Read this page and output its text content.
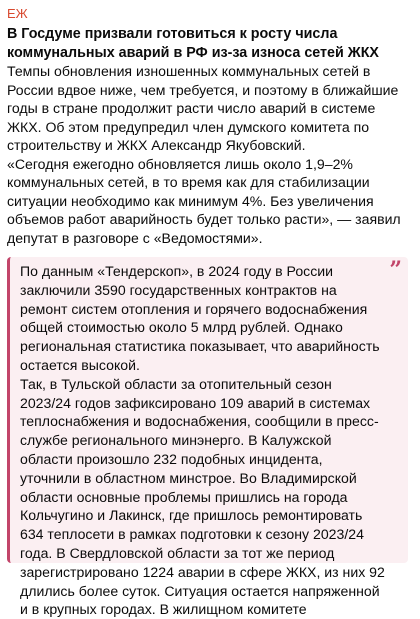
ЕЖ

В Госдуме призвали готовиться к росту числа коммунальных аварий в РФ из-за износа сетей ЖКХ

Темпы обновления изношенных коммунальных сетей в России вдвое ниже, чем требуется, и поэтому в ближайшие годы в стране продолжит расти число аварий в системе ЖКХ. Об этом предупредил член думского комитета по строительству и ЖКХ Александр Якубовский.

«Сегодня ежегодно обновляется лишь около 1,9–2% коммунальных сетей, в то время как для стабилизации ситуации необходимо как минимум 4%. Без увеличения объемов работ аварийность будет только расти», — заявил депутат в разговоре с «Ведомостями».

”

По данным «Тендерскоп», в 2024 году в России заключили 3590 государственных контрактов на ремонт систем отопления и горячего водоснабжения общей стоимостью около 5 млрд рублей. Однако региональная статистика показывает, что аварийность остается высокой.

Так, в Тульской области за отопительный сезон 2023/24 годов зафиксировано 109 аварий в системах теплоснабжения и водоснабжения, сообщили в пресс-службе регионального минэнерго. В Калужской области произошло 232 подобных инцидента, уточнили в областном минстрое. Во Владимирской области основные проблемы пришлись на города Кольчугино и Лакинск, где пришлось ремонтировать 634 теплосети в рамках подготовки к сезону 2023/24 года. В Свердловской области за тот же период зарегистрировано 1224 аварии в сфере ЖКХ, из них 92 длились более суток. Ситуация остается напряженной и в крупных городах. В жилищном комитете
